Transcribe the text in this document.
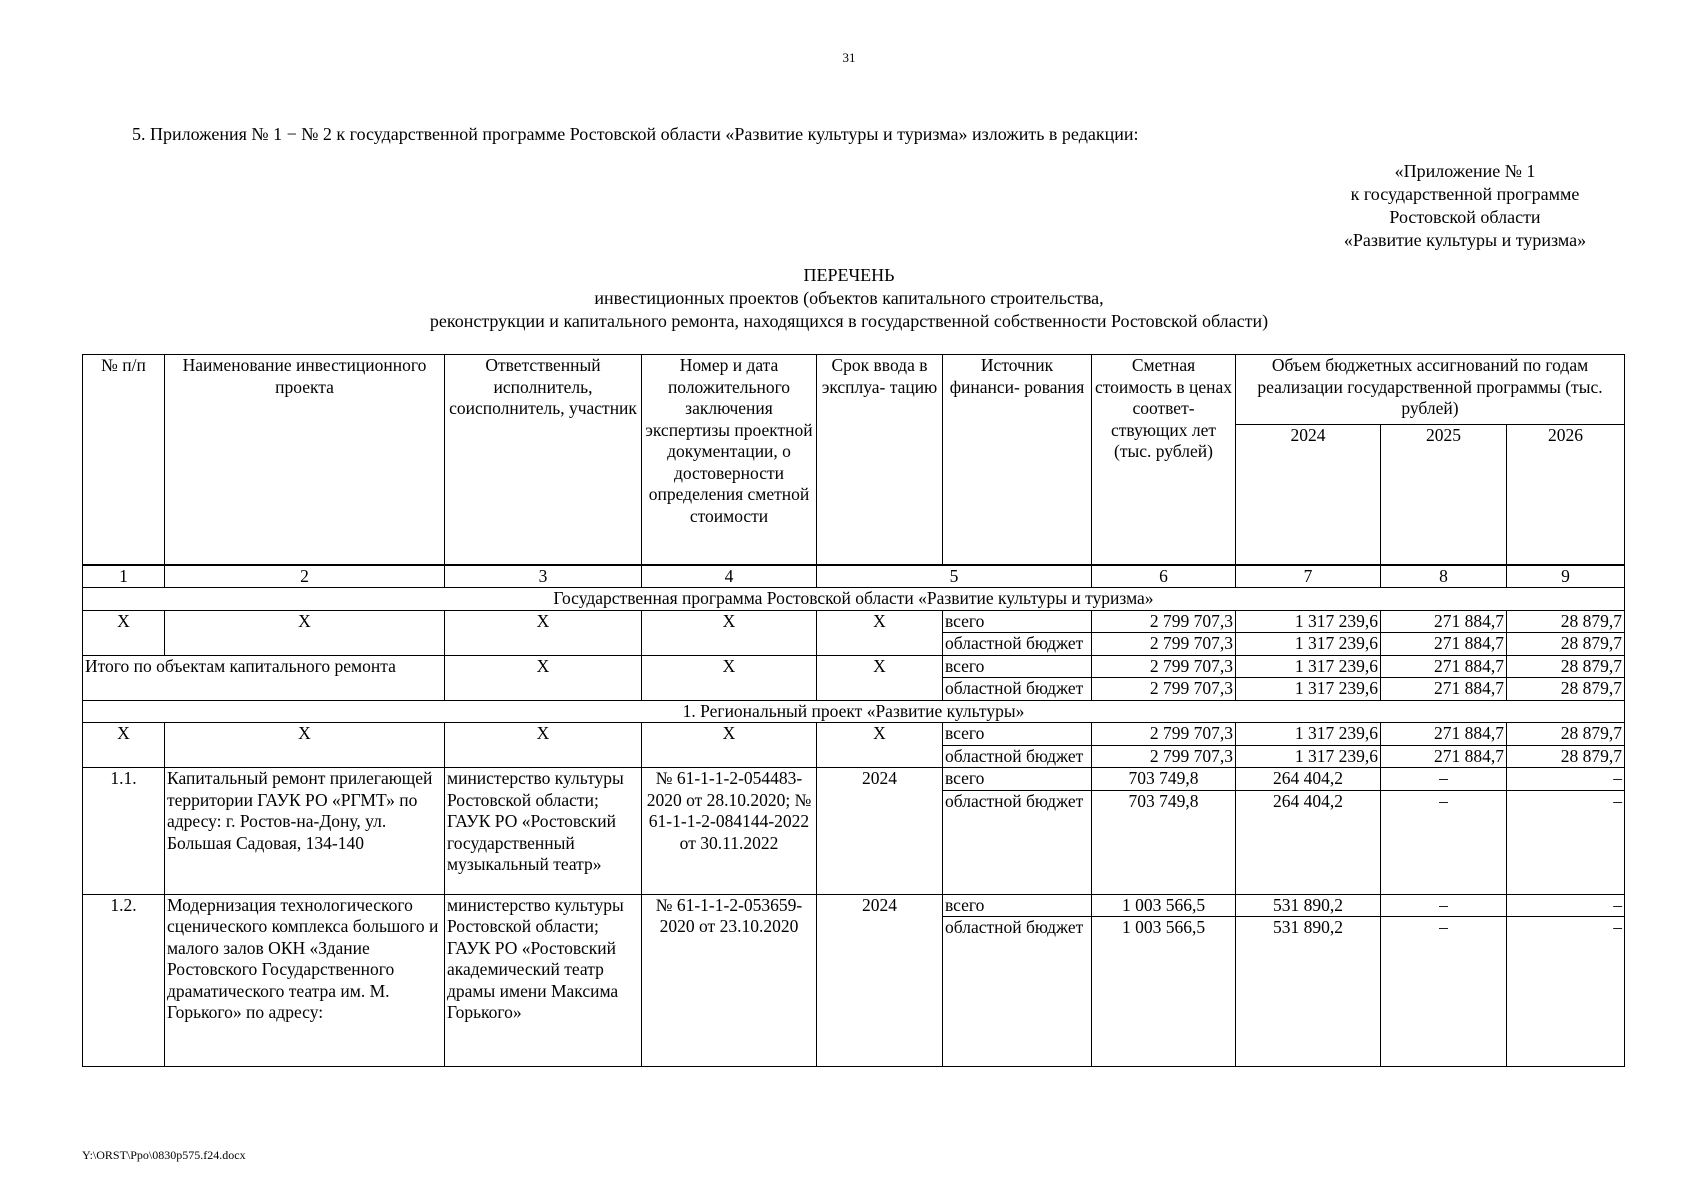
31
5. Приложения № 1 − № 2 к государственной программе Ростовской области «Развитие культуры и туризма» изложить в редакции:
«Приложение № 1
к государственной программе
Ростовской области
«Развитие культуры и туризма»
ПЕРЕЧЕНЬ
инвестиционных проектов (объектов капитального строительства,
реконструкции и капитального ремонта, находящихся в государственной собственности Ростовской области)
№ п/п	Наименование инвестиционного проекта	Ответственный исполнитель, соисполнитель, участник	Номер и дата положительного заключения экспертизы проектной документации, о достоверности определения сметной стоимости	Срок ввода в эксплуа- тацию	Источник финанси- рования	Сметная стоимость в ценах соответ- ствующих лет (тыс. рублей)	Объем бюджетных ассигнований по годам реализации государственной программы (тыс. рублей)		
							2024	2025	2026
1	2	3	4	5		6	7	8	9
Государственная программа Ростовской области «Развитие культуры и туризма»									
Х	Х	Х	Х	Х	всего	2 799 707,3	1 317 239,6	271 884,7	28 879,7
					областной бюджет	2 799 707,3	1 317 239,6	271 884,7	28 879,7
Итого по объектам капитального ремонта		Х	Х	Х	всего	2 799 707,3	1 317 239,6	271 884,7	28 879,7
					областной бюджет	2 799 707,3	1 317 239,6	271 884,7	28 879,7
1. Региональный проект «Развитие культуры»									
Х	Х	Х	Х	Х	всего	2 799 707,3	1 317 239,6	271 884,7	28 879,7
					областной бюджет	2 799 707,3	1 317 239,6	271 884,7	28 879,7
1.1.	Капитальный ремонт прилегающей территории ГАУК РО «РГМТ» по адресу: г. Ростов-на-Дону, ул. Большая Садовая, 134-140	министерство культуры Ростовской области; ГАУК РО «Ростовский государственный музыкальный театр»	№ 61-1-1-2-054483-2020 от 28.10.2020; № 61-1-1-2-084144-2022 от 30.11.2022	2024	всего	703 749,8	264 404,2	–	–
					областной бюджет	703 749,8	264 404,2	–	–
1.2.	Модернизация технологического сценического комплекса большого и малого залов ОКН «Здание Ростовского Государственного драматического театра им. М. Горького» по адресу:	министерство культуры Ростовской области; ГАУК РО «Ростовский академический театр драмы имени Максима Горького»	№ 61-1-1-2-053659-2020 от 23.10.2020	2024	всего	1 003 566,5	531 890,2	–	–
					областной бюджет	1 003 566,5	531 890,2	–	–
Y:\ORST\Ppo\0830p575.f24.docx
